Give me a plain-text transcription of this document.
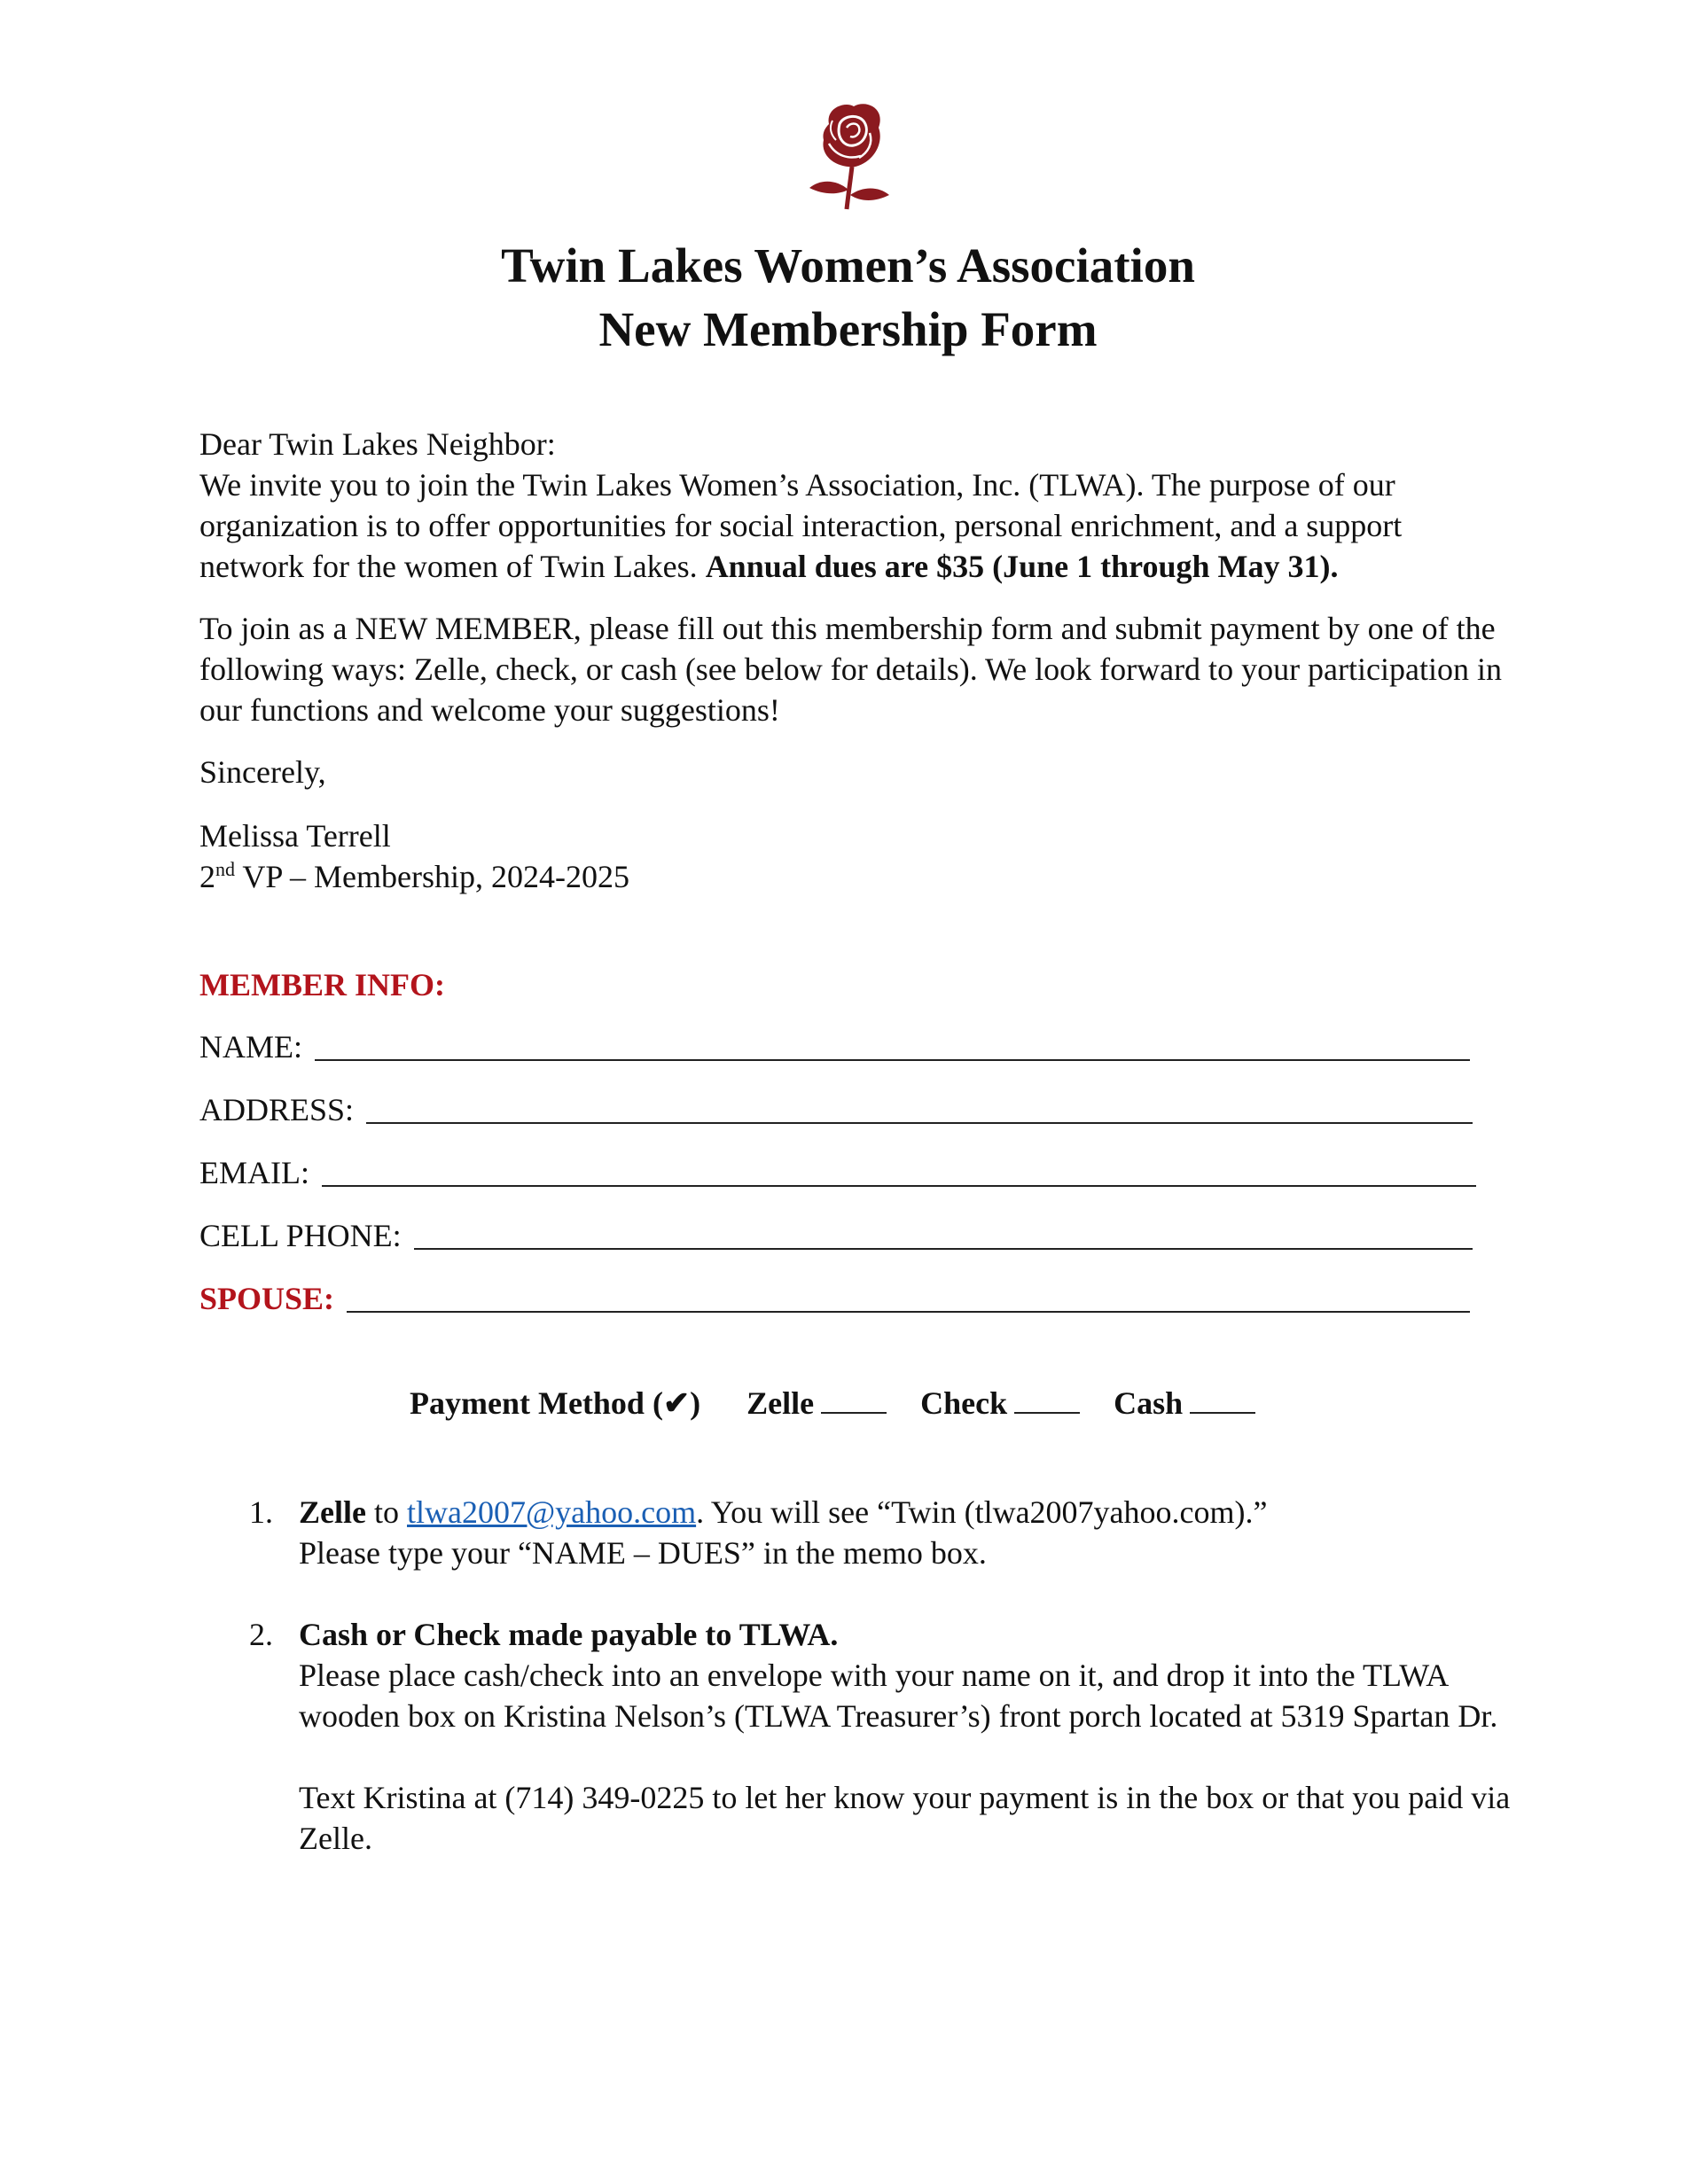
Twin Lakes Women’s Association
New Membership Form
Dear Twin Lakes Neighbor:
We invite you to join the Twin Lakes Women’s Association, Inc. (TLWA). The purpose of our organization is to offer opportunities for social interaction, personal enrichment, and a support network for the women of Twin Lakes. Annual dues are $35 (June 1 through May 31).
To join as a NEW MEMBER, please fill out this membership form and submit payment by one of the following ways: Zelle, check, or cash (see below for details). We look forward to your participation in our functions and welcome your suggestions!
Sincerely,
Melissa Terrell
2nd VP – Membership, 2024-2025
MEMBER INFO:
NAME:
ADDRESS:
EMAIL:
CELL PHONE:
SPOUSE:
Payment Method (✔) Zelle	Check	Cash
1. Zelle to tlwa2007@yahoo.com. You will see “Twin (tlwa2007yahoo.com).”

Please type your “NAME – DUES” in the memo box.

2. Cash or Check made payable to TLWA.

Please place cash/check into an envelope with your name on it, and drop it into the TLWA wooden box on Kristina Nelson’s (TLWA Treasurer’s) front porch located at 5319 Spartan Dr.

Text Kristina at (714) 349-0225 to let her know your payment is in the box or that you paid via Zelle.
